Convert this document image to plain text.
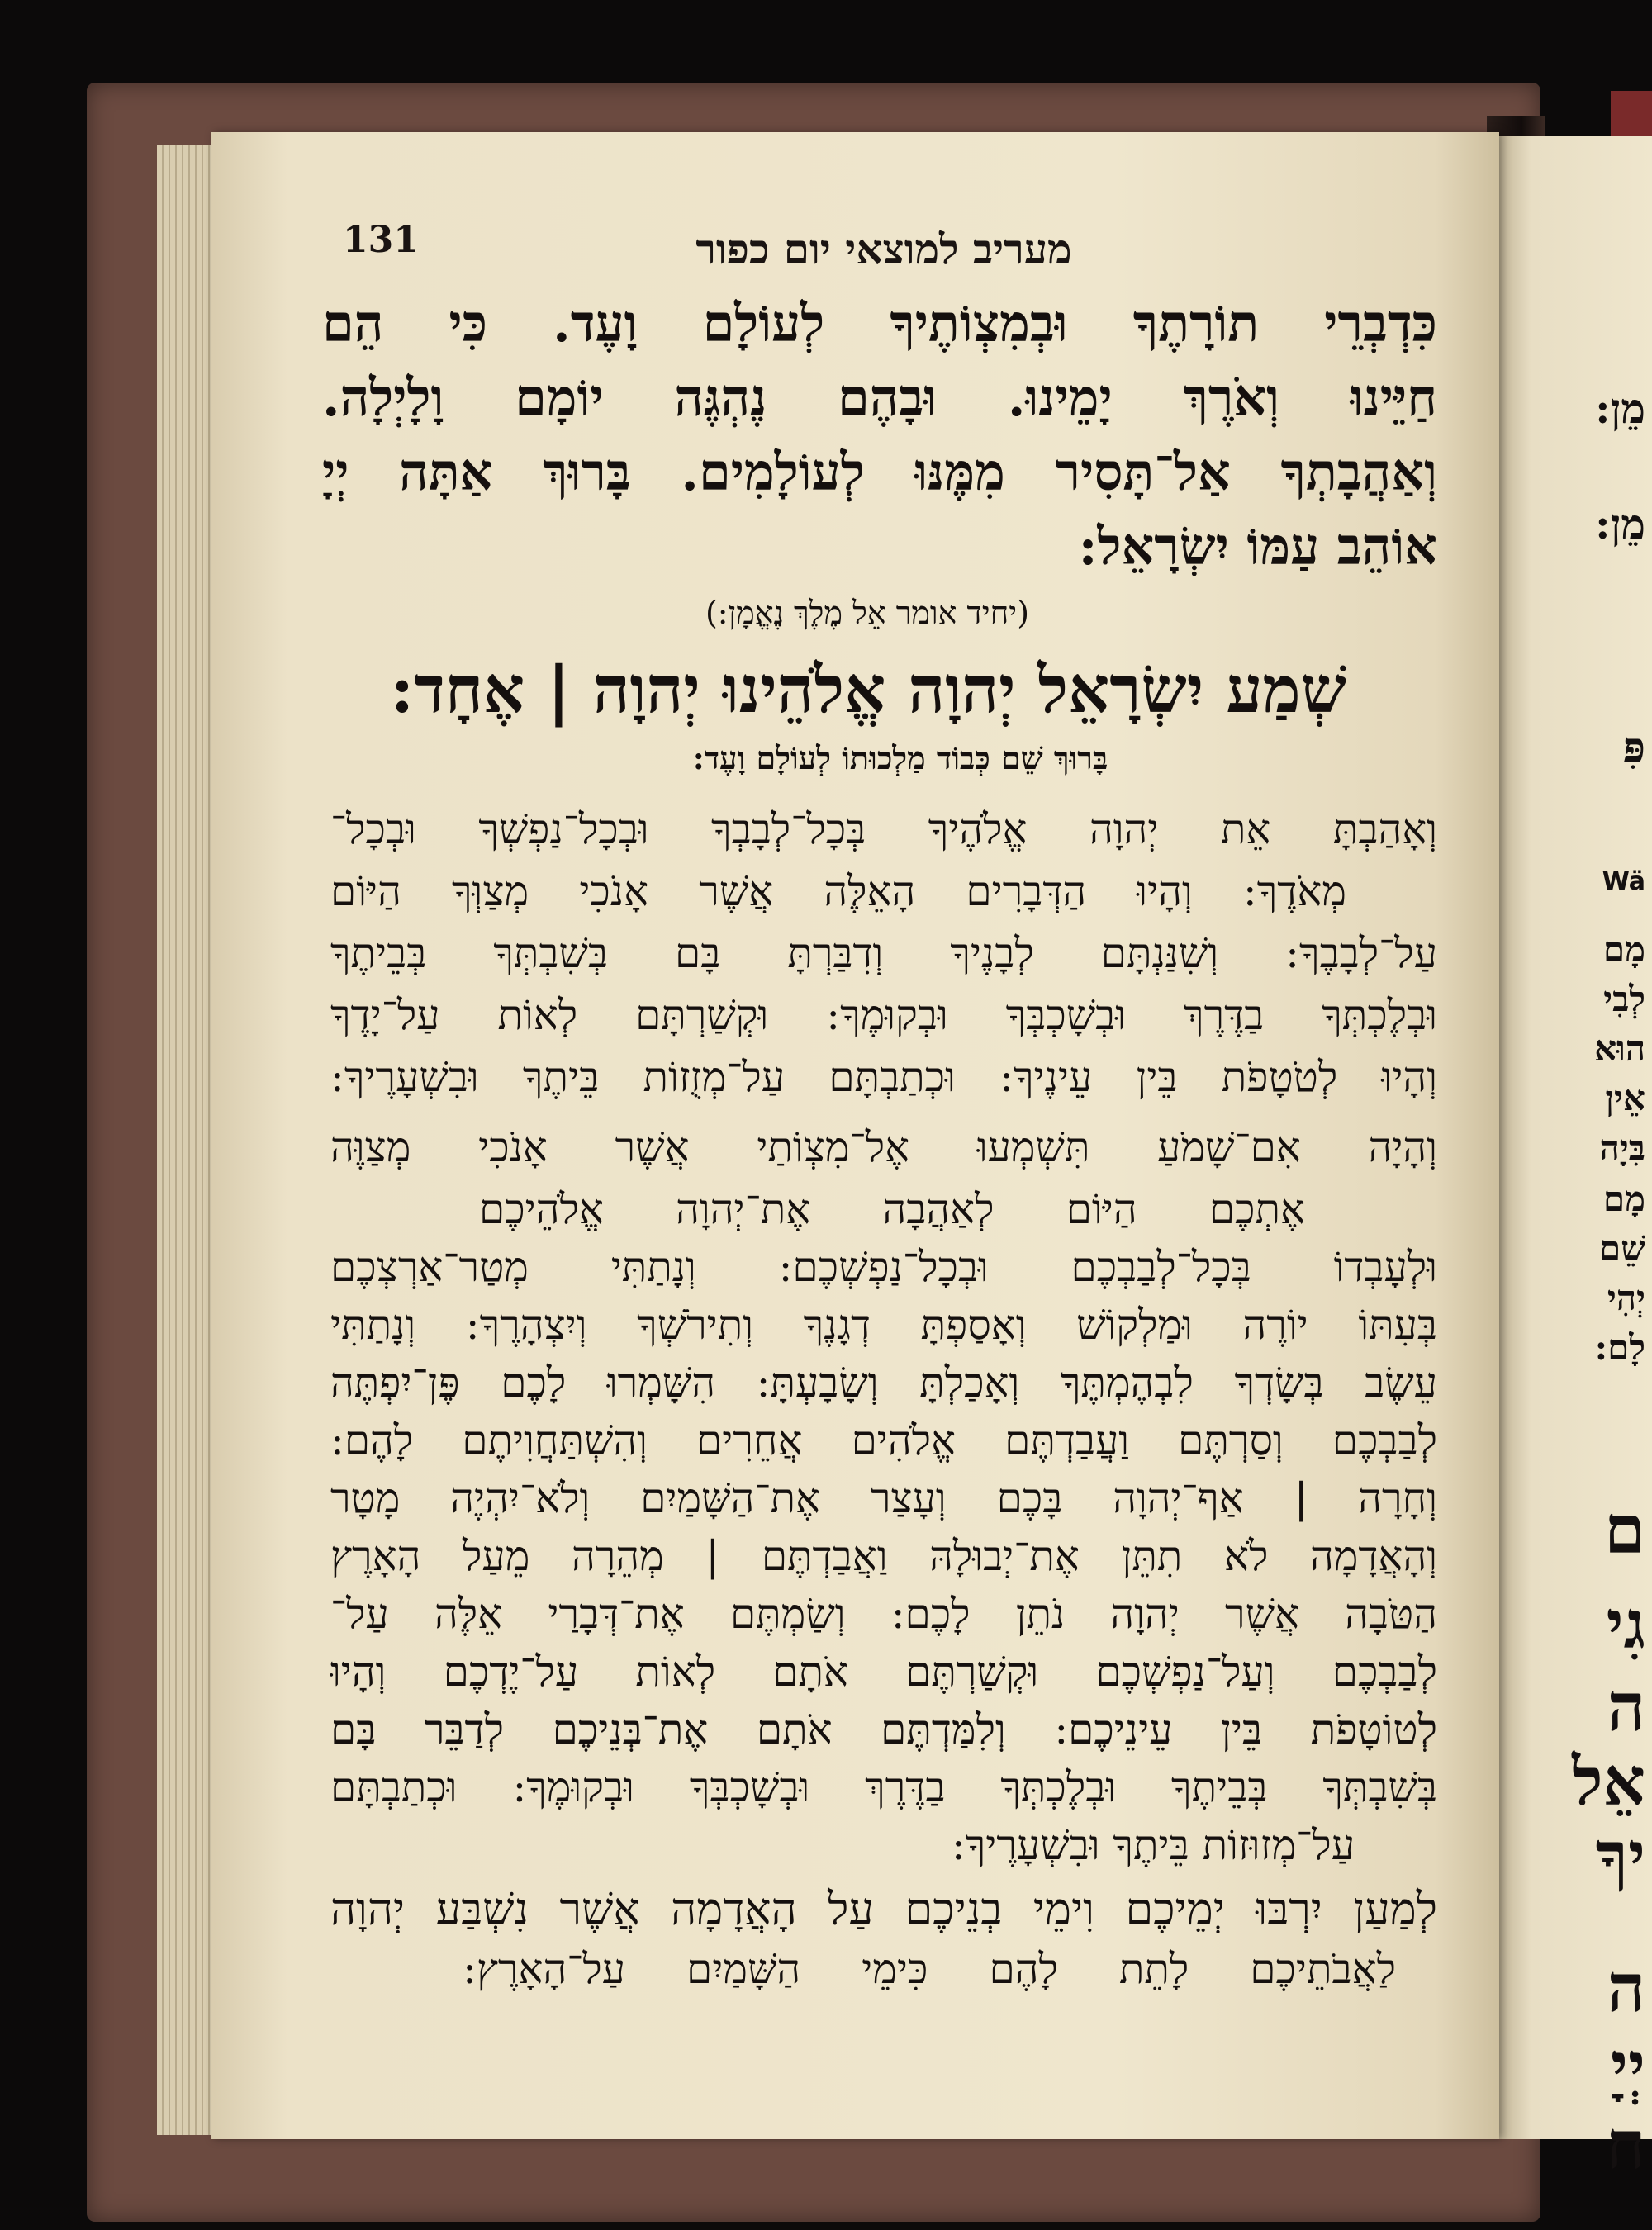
מֵן:
מֵן:
פִּ
Wä
מָם
לְבִי
הוּא
אֵין
בִּיָה
מָם
שֵׁם
יְהִי
לָם:
ם
גִי
ה
אֵל
יךָ
ה
יְיָ
ח
131	מעריב למוצאי יום כפור
כִּדְבְרֵי תוֹרָתֶךָ וּבְמִצְוֹתֶיךָ לְעוֹלָם וָעֶד. כִּי הֵם
חַיֵּינוּ וְאֹרֶךְ יָמֵינוּ. וּבָהֶם נֶהְגֶּה יוֹמָם וָלָיְלָה.
וְאַהֲבָתְךָ אַל־תָּסִיר מִמֶּנּוּ לְעוֹלָמִים. בָּרוּךְ אַתָּה יְיָ
אוֹהֵב עַמּוֹ יִשְׂרָאֵל:
(יחיד אומר אֵל מֶלֶךְ נֶאֱמָן:)
שְׁמַע יִשְׂרָאֵל יְהוָה אֱלֹהֵינוּ יְהוָה | אֶחָד:
בָּרוּךְ שֵׁם כְּבוֹד מַלְכוּתוֹ לְעוֹלָם וָעֶד:
וְאָהַבְתָּ אֵת יְהוָה אֱלֹהֶיךָ בְּכָל־לְבָבְךָ וּבְכָל־נַפְשְׁךָ וּבְכָל־
מְאֹדֶךָ: וְהָיוּ הַדְּבָרִים הָאֵלֶּה אֲשֶׁר אָנֹכִי מְצַוְּךָ הַיּוֹם
עַל־לְבָבֶךָ: וְשִׁנַּנְתָּם לְבָנֶיךָ וְדִבַּרְתָּ בָּם בְּשִׁבְתְּךָ בְּבֵיתֶךָ
וּבְלֶכְתְּךָ בַדֶּרֶךְ וּבְשָׁכְבְּךָ וּבְקוּמֶךָ: וּקְשַׁרְתָּם לְאוֹת עַל־יָדֶךָ
וְהָיוּ לְטֹטָפֹת בֵּין עֵינֶיךָ: וּכְתַבְתָּם עַל־מְזֻזוֹת בֵּיתֶךָ וּבִשְׁעָרֶיךָ:
וְהָיָה אִם־שָׁמֹעַ תִּשְׁמְעוּ אֶל־מִצְוֹתַי אֲשֶׁר אָנֹכִי מְצַוֶּה
אֶתְכֶם הַיּוֹם לְאַהֲבָה אֶת־יְהוָה אֱלֹהֵיכֶם
וּלְעָבְדוֹ בְּכָל־לְבַבְכֶם וּבְכָל־נַפְשְׁכֶם: וְנָתַתִּי מְטַר־אַרְצְכֶם
בְּעִתּוֹ יוֹרֶה וּמַלְקוֹשׁ וְאָסַפְתָּ דְגָנֶךָ וְתִירֹשְׁךָ וְיִצְהָרֶךָ: וְנָתַתִּי
עֵשֶׂב בְּשָׂדְךָ לִבְהֶמְתֶּךָ וְאָכַלְתָּ וְשָׂבָעְתָּ: הִשָּׁמְרוּ לָכֶם פֶּן־יִפְתֶּה
לְבַבְכֶם וְסַרְתֶּם וַעֲבַדְתֶּם אֱלֹהִים אֲחֵרִים וְהִשְׁתַּחֲוִיתֶם לָהֶם:
וְחָרָה | אַף־יְהוָה בָּכֶם וְעָצַר אֶת־הַשָּׁמַיִם וְלֹא־יִהְיֶה מָטָר
וְהָאֲדָמָה לֹא תִתֵּן אֶת־יְבוּלָהּ וַאֲבַדְתֶּם | מְהֵרָה מֵעַל הָאָרֶץ
הַטֹּבָה אֲשֶׁר יְהוָה נֹתֵן לָכֶם: וְשַׂמְתֶּם אֶת־דְּבָרַי אֵלֶּה עַל־
לְבַבְכֶם וְעַל־נַפְשְׁכֶם וּקְשַׁרְתֶּם אֹתָם לְאוֹת עַל־יֶדְכֶם וְהָיוּ
לְטוֹטָפֹת בֵּין עֵינֵיכֶם: וְלִמַּדְתֶּם אֹתָם אֶת־בְּנֵיכֶם לְדַבֵּר בָּם
בְּשִׁבְתְּךָ בְּבֵיתֶךָ וּבְלֶכְתְּךָ בַדֶּרֶךְ וּבְשָׁכְבְּךָ וּבְקוּמֶךָ: וּכְתַבְתָּם
עַל־מְזוּזוֹת בֵּיתֶךָ וּבִשְׁעָרֶיךָ:
לְמַעַן יִרְבּוּ יְמֵיכֶם וִימֵי בְנֵיכֶם עַל הָאֲדָמָה אֲשֶׁר נִשְׁבַּע יְהוָה
לַאֲבֹתֵיכֶם לָתֵת לָהֶם כִּימֵי הַשָּׁמַיִם עַל־הָאָרֶץ:
